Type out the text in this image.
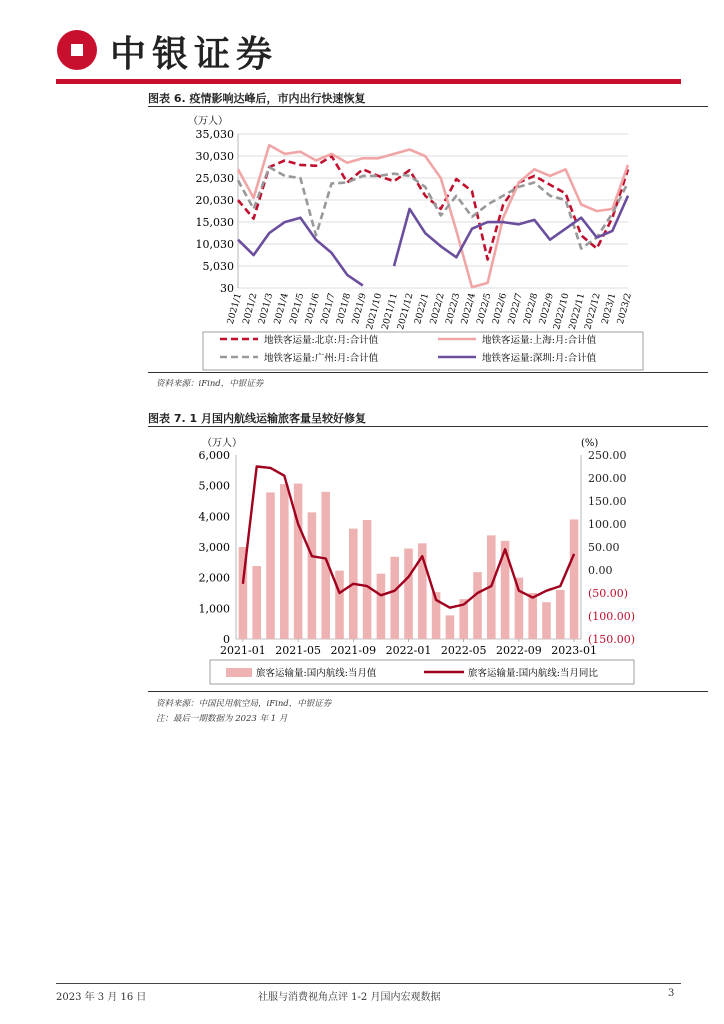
中银证券
图表 6. 疫情影响达峰后，市内出行快速恢复
（万人）
35,030
30,030
25,030
20,030
15,030
10,030
5,030
30
2021/1
2021/2
2021/3
2021/4
2021/5
2021/6
2021/7
2021/8
2021/9
2021/10
2021/11
2021/12
2022/1
2022/2
2022/3
2022/4
2022/5
2022/6
2022/7
2022/8
2022/9
2022/10
2022/11
2022/12
2023/1
2023/2
地铁客运量:北京:月:合计值	地铁客运量:上海:月:合计值
地铁客运量:广州:月:合计值	地铁客运量:深圳:月:合计值
资料来源：iFind，中银证券
图表 7. 1 月国内航线运输旅客量呈较好修复
（万人）	(%)
6,000
5,000
4,000
3,000
2,000
1,000
0
250.00
200.00
150.00
100.00
50.00
0.00
(50.00)
(100.00)
(150.00)
2021-01 2021-05 2021-09 2022-01 2022-05 2022-09 2023-01
旅客运输量:国内航线:当月值	旅客运输量:国内航线:当月同比
资料来源：中国民用航空局，iFind，中银证券
注：最后一期数据为 2023 年 1 月
2023 年 3 月 16 日	社服与消费视角点评 1-2 月国内宏观数据	3
